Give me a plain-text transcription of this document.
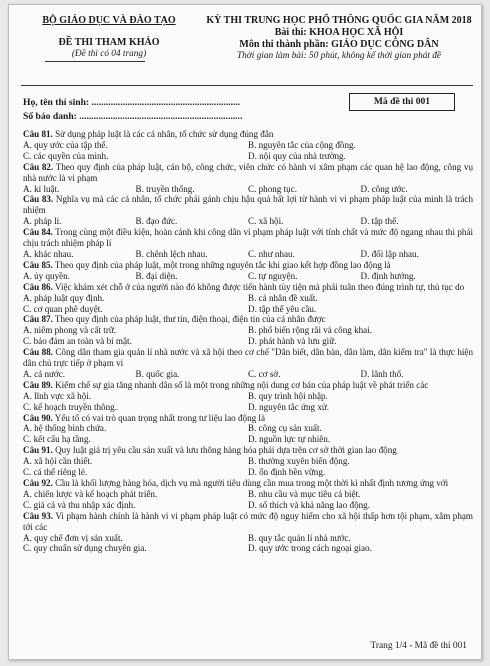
BỘ GIÁO DỤC VÀ ĐÀO TẠO
ĐỀ THI THAM KHẢO
(Đề thi có 04 trang)
KỲ THI TRUNG HỌC PHỔ THÔNG QUỐC GIA NĂM 2018
Bài thi: KHOA HỌC XÃ HỘI
Môn thi thành phần: GIÁO DỤC CÔNG DÂN
Thời gian làm bài: 50 phút, không kể thời gian phát đề
Họ, tên thí sinh: ..............................................................
Số báo danh: ....................................................................
Mã đề thi 001

Câu 81. Sử dụng pháp luật là các cá nhân, tổ chức sử dụng đúng đắn

A. quy ước của tập thể.	B. nguyên tắc của cộng đồng.
C. các quyền của mình.	D. nội quy của nhà trường.

Câu 82. Theo quy định của pháp luật, cán bộ, công chức, viên chức có hành vi xâm phạm các quan hệ lao động, công vụ nhà nước là vi phạm

A. kỉ luật.	B. truyền thống.	C. phong tục.	D. công ước.

Câu 83. Nghĩa vụ mà các cá nhân, tổ chức phải gánh chịu hậu quả bất lợi từ hành vi vi phạm pháp luật của mình là trách nhiệm

A. pháp lí.	B. đạo đức.	C. xã hội.	D. tập thể.

Câu 84. Trong cùng một điều kiện, hoàn cảnh khi công dân vi phạm pháp luật với tính chất và mức độ ngang nhau thì phải chịu trách nhiệm pháp lí

A. khác nhau.	B. chênh lệch nhau.	C. như nhau.	D. đối lập nhau.

Câu 85. Theo quy định của pháp luật, một trong những nguyên tắc khi giao kết hợp đồng lao động là

A. ủy quyền.	B. đại diện.	C. tự nguyện.	D. định hướng.

Câu 86. Việc khám xét chỗ ở của người nào đó không được tiến hành tùy tiện mà phải tuân theo đúng trình tự, thủ tục do

A. pháp luật quy định.	B. cá nhân đề xuất.
C. cơ quan phê duyệt.	D. tập thể yêu cầu.

Câu 87. Theo quy định của pháp luật, thư tín, điện thoại, điện tín của cá nhân được

A. niêm phong và cất trữ.	B. phổ biến rộng rãi và công khai.
C. bảo đảm an toàn và bí mật.	D. phát hành và lưu giữ.

Câu 88. Công dân tham gia quản lí nhà nước và xã hội theo cơ chế "Dân biết, dân bàn, dân làm, dân kiểm tra" là thực hiện dân chủ trực tiếp ở phạm vi

A. cả nước.	B. quốc gia.	C. cơ sở.	D. lãnh thổ.

Câu 89. Kiểm chế sự gia tăng nhanh dân số là một trong những nội dung cơ bản của pháp luật về phát triển các

A. lĩnh vực xã hội.	B. quy trình hội nhập.
C. kế hoạch truyền thông.	D. nguyên tắc ứng xử.

Câu 90. Yếu tố có vai trò quan trọng nhất trong tư liệu lao động là

A. hệ thống bình chứa.	B. công cụ sản xuất.
C. kết cấu hạ tầng.	D. nguồn lực tự nhiên.

Câu 91. Quy luật giá trị yêu cầu sản xuất và lưu thông hàng hóa phải dựa trên cơ sở thời gian lao động

A. xã hội cần thiết.	B. thường xuyên biến động.
C. cá thể riêng lẻ.	D. ổn định bền vững.

Câu 92. Cầu là khối lượng hàng hóa, dịch vụ mà người tiêu dùng cần mua trong một thời kì nhất định tương ứng với

A. chiến lược và kế hoạch phát triển.	B. nhu cầu và mục tiêu cá biệt.
C. giá cả và thu nhập xác định.	D. số thích và khả năng lao động.

Câu 93. Vi phạm hành chính là hành vi vi phạm pháp luật có mức độ nguy hiểm cho xã hội thấp hơn tội phạm, xâm phạm tới các

A. quy chế đơn vị sản xuất.	B. quy tắc quản lí nhà nước.
C. quy chuẩn sử dụng chuyên gia.	D. quy ước trong cách ngoại giao.
Trang 1/4 - Mã đề thi 001
